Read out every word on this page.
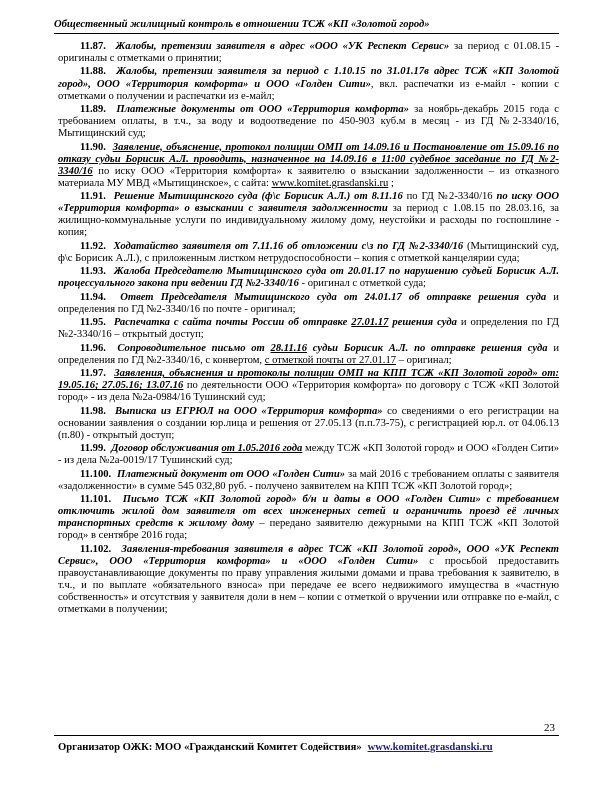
Общественный жилищный контроль в отношении ТСЖ «КП «Золотой город»

11.87. Жалобы, претензии заявителя в адрес «ООО «УК Респект Сервис» за период с 01.08.15 - оригиналы с отметками о принятии;

11.88. Жалобы, претензии заявителя за период с 1.10.15 по 31.01.17в адрес ТСЖ «КП Золотой город», ООО «Территория комфорта» и ООО «Голден Сити», вкл. распечатки из е-майл - копии с отметками о получении и распечатки из е-майл;

11.89. Платежные документы от ООО «Территория комфорта» за ноябрь-декабрь 2015 года с требованием оплаты, в т.ч., за воду и водоотведение по 450-903 куб.м в месяц - из ГД №2-3340/16, Мытищинский суд;

11.90. Заявление, объяснение, протокол полиции ОМП от 14.09.16 и Постановление от 15.09.16 по отказу судьи Борисик А.Л. проводить, назначенное на 14.09.16 в 11:00 судебное заседание по ГД №2-3340/16 по иску ООО «Территория комфорта» к заявителю о взыскании задолженности – из отказного материала МУ МВД «Мытищинское», с сайта: www.komitet.grasdanski.ru ;

11.91. Решение Мытищинского суда (ф\с Борисик А.Л.) от 8.11.16 по ГД №2-3340/16 по иску ООО «Территория комфорта» о взыскании с заявителя задолженности за период с 1.08.15 по 28.03.16, за жилищно-коммунальные услуги по индивидуальному жилому дому, неустойки и расходы по госпошлине - копия;

11.92. Ходатайство заявителя от 7.11.16 об отложении с\з по ГД №2-3340/16 (Мытищинский суд, ф\с Борисик А.Л.), с приложенным листком нетрудоспособности – копия с отметкой канцелярии суда;

11.93. Жалоба Председателю Мытищинского суда от 20.01.17 по нарушению судьей Борисик А.Л. процессуального закона при ведении ГД №2-3340/16 - оригинал с отметкой суда;

11.94. Ответ Председателя Мытищинского суда от 24.01.17 об отправке решения суда и определения по ГД №2-3340/16 по почте - оригинал;

11.95. Распечатка с сайта почты России об отправке 27.01.17 решения суда и определения по ГД №2-3340/16 – открытый доступ;

11.96. Сопроводительное письмо от 28.11.16 судьи Борисик А.Л. по отправке решения суда и определения по ГД №2-3340/16, с конвертом, с отметкой почты от 27.01.17 – оригинал;

11.97. Заявления, объяснения и протоколы полиции ОМП на КПП ТСЖ «КП Золотой город» от: 19.05.16; 27.05.16; 13.07.16 по деятельности ООО «Территория комфорта» по договору с ТСЖ «КП Золотой город» - из дела №2а-0984/16 Тушинский суд;

11.98. Выписка из ЕГРЮЛ на ООО «Территория комфорта» со сведениями о его регистрации на основании заявления о создании юр.лица и решения от 27.05.13 (п.п.73-75), с регистрацией юр.л. от 04.06.13 (п.80) - открытый доступ;

11.99. Договор обслуживания от 1.05.2016 года между ТСЖ «КП Золотой город» и ООО «Голден Сити» - из дела №2а-0019/17 Тушинский суд;

11.100. Платежный документ от ООО «Голден Сити» за май 2016 с требованием оплаты с заявителя «задолженности» в сумме 545 032,80 руб. - получено заявителем на КПП ТСЖ «КП Золотой город»;

11.101. Письмо ТСЖ «КП Золотой город» б/н и даты в ООО «Голден Сити» с требованием отключить жилой дом заявителя от всех инженерных сетей и ограничить проезд её личных транспортных средств к жилому дому – передано заявителю дежурными на КПП ТСЖ «КП Золотой город» в сентябре 2016 года;

11.102. Заявления-требования заявителя в адрес ТСЖ «КП Золотой город», ООО «УК Респект Сервис», ООО «Территория комфорта» и «ООО «Голден Сити» с просьбой предоставить правоустанавливающие документы по праву управления жилыми домами и права требования к заявителю, в т.ч., и по выплате «обязательного взноса» при передаче ее всего недвижимого имущества в «частную собственность» и отсутствия у заявителя доли в нем – копии с отметкой о вручении или отправке по е-майл, с отметками в получении;

23
Организатор ОЖК: МОО «Гражданский Комитет Содействия» www.komitet.grasdanski.ru
